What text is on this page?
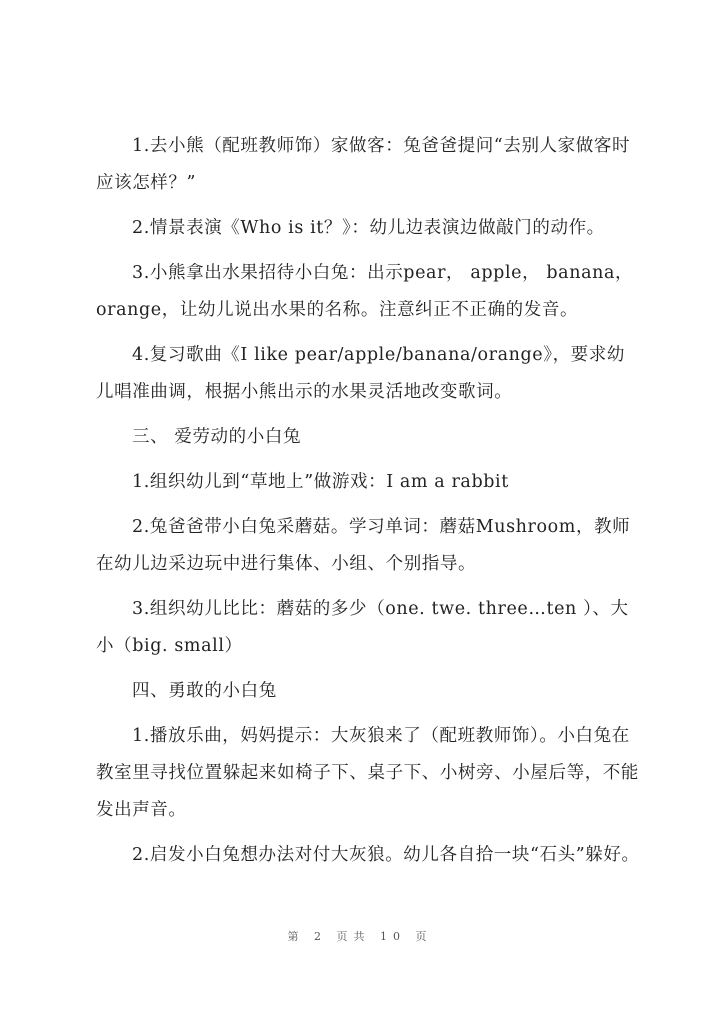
1.去小熊（配班教师饰）家做客：兔爸爸提问“去别人家做客时应该怎样？”

2.情景表演《Who is it？》：幼儿边表演边做敲门的动作。

3.小熊拿出水果招待小白兔：出示pear， apple， banana， orange，让幼儿说出水果的名称。注意纠正不正确的发音。

4.复习歌曲《I like pear/apple/banana/orange》，要求幼儿唱准曲调，根据小熊出示的水果灵活地改变歌词。

三、 爱劳动的小白兔

1.组织幼儿到“草地上”做游戏：I am a rabbit

2.兔爸爸带小白兔采蘑菇。学习单词：蘑菇Mushroom，教师在幼儿边采边玩中进行集体、小组、个别指导。

3.组织幼儿比比：蘑菇的多少（one. twe. three…ten ）、大小（big. small）

四、勇敢的小白兔

1.播放乐曲，妈妈提示：大灰狼来了（配班教师饰）。小白兔在教室里寻找位置躲起来如椅子下、桌子下、小树旁、小屋后等，不能发出声音。

2.启发小白兔想办法对付大灰狼。幼儿各自拾一块“石头”躲好。

第 2 页共 10 页
